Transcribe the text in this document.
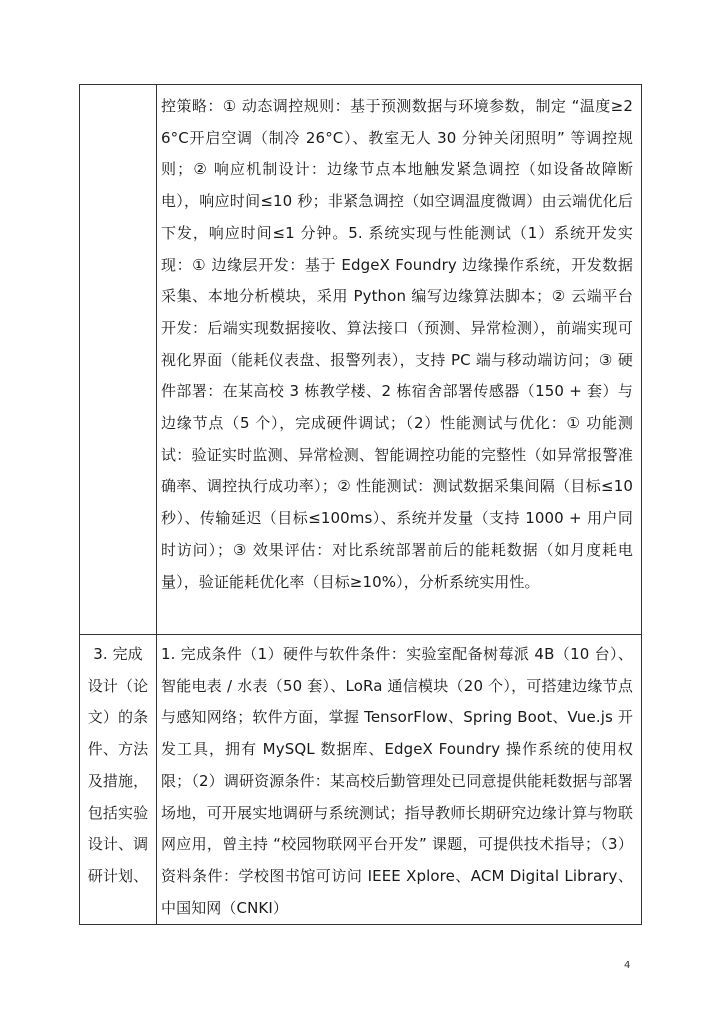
	控策略：① 动态调控规则：基于预测数据与环境参数，制定 “温度≥26°C开启空调（制冷 26°C）、教室无人 30 分钟关闭照明” 等调控规则；② 响应机制设计：边缘节点本地触发紧急调控（如设备故障断电），响应时间≤10 秒；非紧急调控（如空调温度微调）由云端优化后下发，响应时间≤1 分钟。5. 系统实现与性能测试（1）系统开发实现：① 边缘层开发：基于 EdgeX Foundry 边缘操作系统，开发数据采集、本地分析模块，采用 Python 编写边缘算法脚本；② 云端平台开发：后端实现数据接收、算法接口（预测、异常检测），前端实现可视化界面（能耗仪表盘、报警列表），支持 PC 端与移动端访问；③ 硬件部署：在某高校 3 栋教学楼、2 栋宿舍部署传感器（150 + 套）与边缘节点（5 个），完成硬件调试；（2）性能测试与优化：① 功能测试：验证实时监测、异常检测、智能调控功能的完整性（如异常报警准确率、调控执行成功率）；② 性能测试：测试数据采集间隔（目标≤10 秒）、传输延迟（目标≤100ms）、系统并发量（支持 1000 + 用户同时访问）；③ 效果评估：对比系统部署前后的能耗数据（如月度耗电量），验证能耗优化率（目标≥10%），分析系统实用性。

3. 完成设计（论文）的条件、方法及措施，包括实验设计、调研计划、	1. 完成条件（1）硬件与软件条件：实验室配备树莓派 4B（10 台）、智能电表 / 水表（50 套）、LoRa 通信模块（20 个），可搭建边缘节点与感知网络；软件方面，掌握 TensorFlow、Spring Boot、Vue.js 开发工具，拥有 MySQL 数据库、EdgeX Foundry 操作系统的使用权限；（2）调研资源条件：某高校后勤管理处已同意提供能耗数据与部署场地，可开展实地调研与系统测试；指导教师长期研究边缘计算与物联网应用，曾主持 “校园物联网平台开发” 课题，可提供技术指导；（3）资料条件：学校图书馆可访问 IEEE Xplore、ACM Digital Library、中国知网（CNKI）
4
